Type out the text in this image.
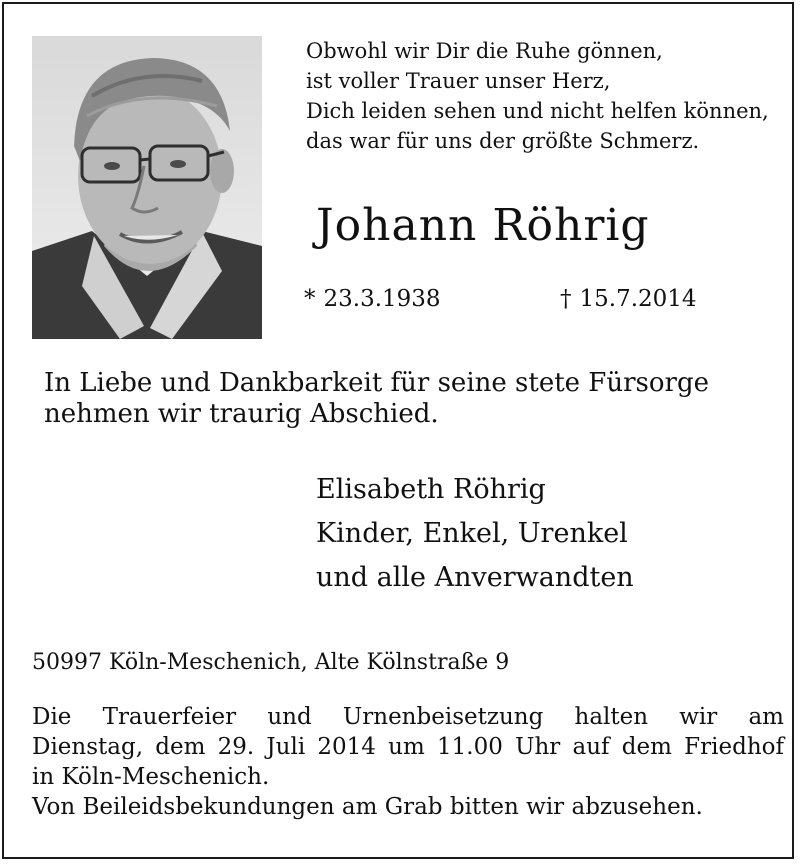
Obwohl wir Dir die Ruhe gönnen,
ist voller Trauer unser Herz,
Dich leiden sehen und nicht helfen können,
das war für uns der größte Schmerz.
Johann Röhrig
* 23.3.1938	† 15.7.2014
In Liebe und Dankbarkeit für seine stete Fürsorge
nehmen wir traurig Abschied.
Elisabeth Röhrig
Kinder, Enkel, Urenkel
und alle Anverwandten
50997 Köln-Meschenich, Alte Kölnstraße 9
Die Trauerfeier und Urnenbeisetzung halten wir am
Dienstag, dem 29. Juli 2014 um 11.00 Uhr auf dem Friedhof
in Köln-Meschenich.
Von Beileidsbekundungen am Grab bitten wir abzusehen.
